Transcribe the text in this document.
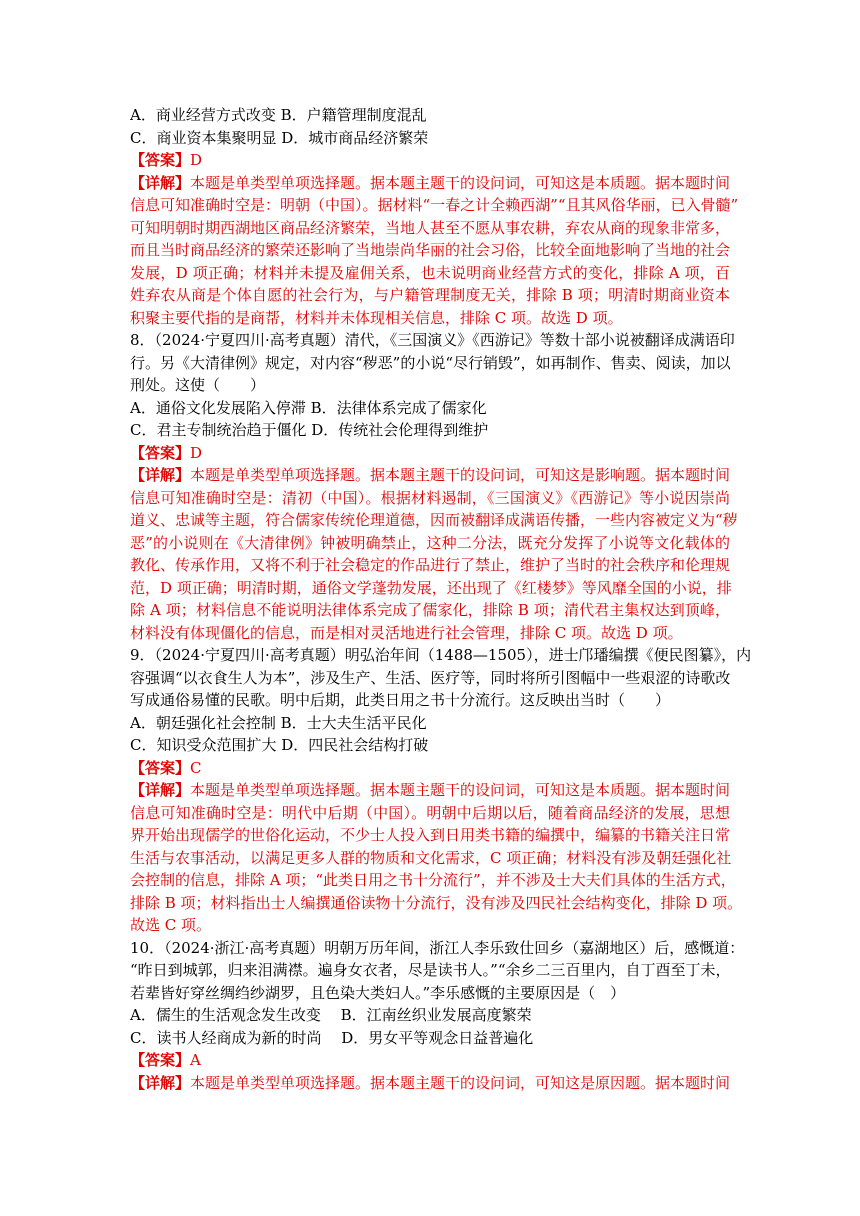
A．商业经营方式改变 B．户籍管理制度混乱
C．商业资本集聚明显 D．城市商品经济繁荣
【答案】D
【详解】本题是单类型单项选择题。据本题主题干的设问词，可知这是本质题。据本题时间
信息可知准确时空是：明朝（中国）。据材料“一春之计全赖西湖”“且其风俗华丽，已入骨髓”
可知明朝时期西湖地区商品经济繁荣，当地人甚至不愿从事农耕，弃农从商的现象非常多，
而且当时商品经济的繁荣还影响了当地崇尚华丽的社会习俗，比较全面地影响了当地的社会
发展，D 项正确；材料并未提及雇佣关系，也未说明商业经营方式的变化，排除 A 项，百
姓弃农从商是个体自愿的社会行为，与户籍管理制度无关，排除 B 项；明清时期商业资本
积聚主要代指的是商帮，材料并未体现相关信息，排除 C 项。故选 D 项。
8．（2024·宁夏四川·高考真题）清代，《三国演义》《西游记》等数十部小说被翻译成满语印
行。另《大清律例》规定，对内容“秽恶”的小说“尽行销毁”，如再制作、售卖、阅读，加以
刑处。这使（　　）
A．通俗文化发展陷入停滞 B．法律体系完成了儒家化
C．君主专制统治趋于僵化 D．传统社会伦理得到维护
【答案】D
【详解】本题是单类型单项选择题。据本题主题干的设问词，可知这是影响题。据本题时间
信息可知准确时空是：清初（中国）。根据材料遏制，《三国演义》《西游记》等小说因崇尚
道义、忠诚等主题，符合儒家传统伦理道德，因而被翻译成满语传播，一些内容被定义为“秽
恶”的小说则在《大清律例》钟被明确禁止，这种二分法，既充分发挥了小说等文化载体的
教化、传承作用，又将不利于社会稳定的作品进行了禁止，维护了当时的社会秩序和伦理规
范，D 项正确；明清时期，通俗文学蓬勃发展，还出现了《红楼梦》等风靡全国的小说，排
除 A 项；材料信息不能说明法律体系完成了儒家化，排除 B 项；清代君主集权达到顶峰，
材料没有体现僵化的信息，而是相对灵活地进行社会管理，排除 C 项。故选 D 项。
9．（2024·宁夏四川·高考真题）明弘治年间（1488—1505），进士邝璠编撰《便民图纂》，内
容强调“以衣食生人为本”，涉及生产、生活、医疗等，同时将所引图幅中一些艰涩的诗歌改
写成通俗易懂的民歌。明中后期，此类日用之书十分流行。这反映出当时（　　）
A．朝廷强化社会控制 B．士大夫生活平民化
C．知识受众范围扩大 D．四民社会结构打破
【答案】C
【详解】本题是单类型单项选择题。据本题主题干的设问词，可知这是本质题。据本题时间
信息可知准确时空是：明代中后期（中国）。明朝中后期以后，随着商品经济的发展，思想
界开始出现儒学的世俗化运动，不少士人投入到日用类书籍的编撰中，编纂的书籍关注日常
生活与农事活动，以满足更多人群的物质和文化需求，C 项正确；材料没有涉及朝廷强化社
会控制的信息，排除 A 项；“此类日用之书十分流行”，并不涉及士大夫们具体的生活方式，
排除 B 项；材料指出士人编撰通俗读物十分流行，没有涉及四民社会结构变化，排除 D 项。
故选 C 项。
10．（2024·浙江·高考真题）明朝万历年间，浙江人李乐致仕回乡（嘉湖地区）后，感慨道：
“昨日到城郭，归来泪满襟。遍身女衣者，尽是读书人。”“余乡二三百里内，自丁酉至丁未，
若辈皆好穿丝绸绉纱湖罗，且色染大类妇人。”李乐感慨的主要原因是（　）
A．儒生的生活观念发生改变　 B．江南丝织业发展高度繁荣
C．读书人经商成为新的时尚　 D．男女平等观念日益普遍化
【答案】A
【详解】本题是单类型单项选择题。据本题主题干的设问词，可知这是原因题。据本题时间
